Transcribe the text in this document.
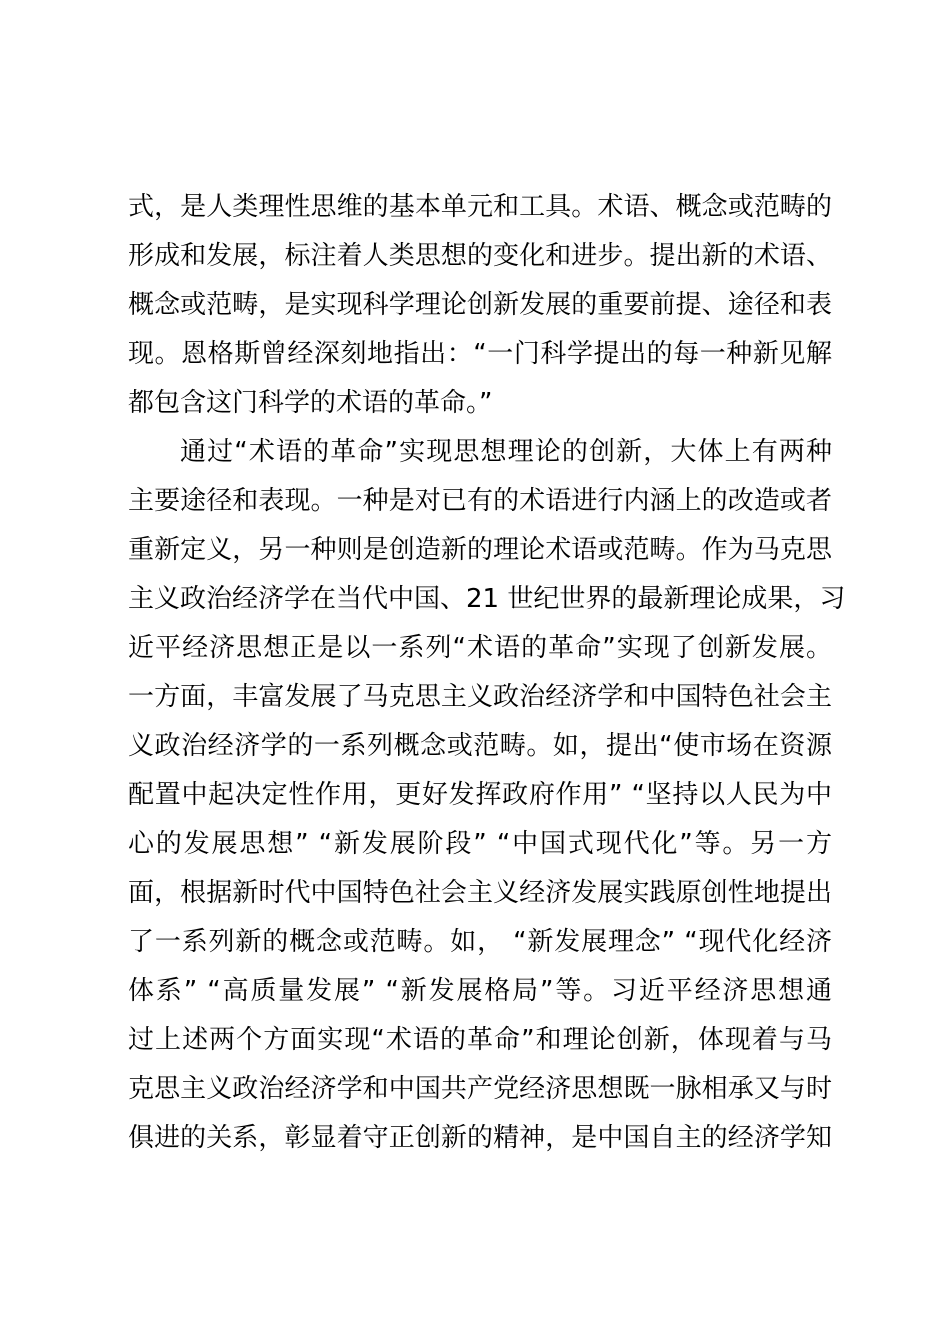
式，是人类理性思维的基本单元和工具。术语、概念或范畴的
形成和发展，标注着人类思想的变化和进步。提出新的术语、
概念或范畴，是实现科学理论创新发展的重要前提、途径和表
现。恩格斯曾经深刻地指出：“一门科学提出的每一种新见解
都包含这门科学的术语的革命。”
通过“术语的革命”实现思想理论的创新，大体上有两种
主要途径和表现。一种是对已有的术语进行内涵上的改造或者
重新定义，另一种则是创造新的理论术语或范畴。作为马克思
主义政治经济学在当代中国、21 世纪世界的最新理论成果，习
近平经济思想正是以一系列“术语的革命”实现了创新发展。
一方面，丰富发展了马克思主义政治经济学和中国特色社会主
义政治经济学的一系列概念或范畴。如，提出“使市场在资源
配置中起决定性作用，更好发挥政府作用” “坚持以人民为中
心的发展思想” “新发展阶段” “中国式现代化”等。另一方
面，根据新时代中国特色社会主义经济发展实践原创性地提出
了一系列新的概念或范畴。如， “新发展理念” “现代化经济
体系” “高质量发展” “新发展格局”等。习近平经济思想通
过上述两个方面实现“术语的革命”和理论创新，体现着与马
克思主义政治经济学和中国共产党经济思想既一脉相承又与时
俱进的关系，彰显着守正创新的精神，是中国自主的经济学知
